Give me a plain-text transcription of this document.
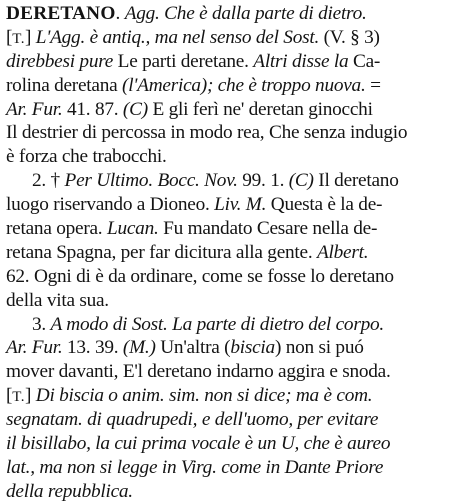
DERETANO. Agg. Che è dalla parte di dietro.
[T.] L'Agg. è antiq., ma nel senso del Sost. (V. § 3)
direbbesi pure Le parti deretane. Altri disse la Ca-
rolina deretana (l'America); che è troppo nuova. =
Ar. Fur. 41. 87. (C) E gli ferì ne' deretan ginocchi
Il destrier di percossa in modo rea, Che senza indugio
è forza che trabocchi.
2. † Per Ultimo. Bocc. Nov. 99. 1. (C) Il deretano
luogo riservando a Dioneo. Liv. M. Questa è la de-
retana opera. Lucan. Fu mandato Cesare nella de-
retana Spagna, per far dicitura alla gente. Albert.
62. Ogni di è da ordinare, come se fosse lo deretano
della vita sua.
3. A modo di Sost. La parte di dietro del corpo.
Ar. Fur. 13. 39. (M.) Un'altra (biscia) non si puó
mover davanti, E'l deretano indarno aggira e snoda.
[T.] Di biscia o anim. sim. non si dice; ma è com.
segnatam. di quadrupedi, e dell'uomo, per evitare
il bisillabo, la cui prima vocale è un U, che è aureo
lat., ma non si legge in Virg. come in Dante Priore
della repubblica.
